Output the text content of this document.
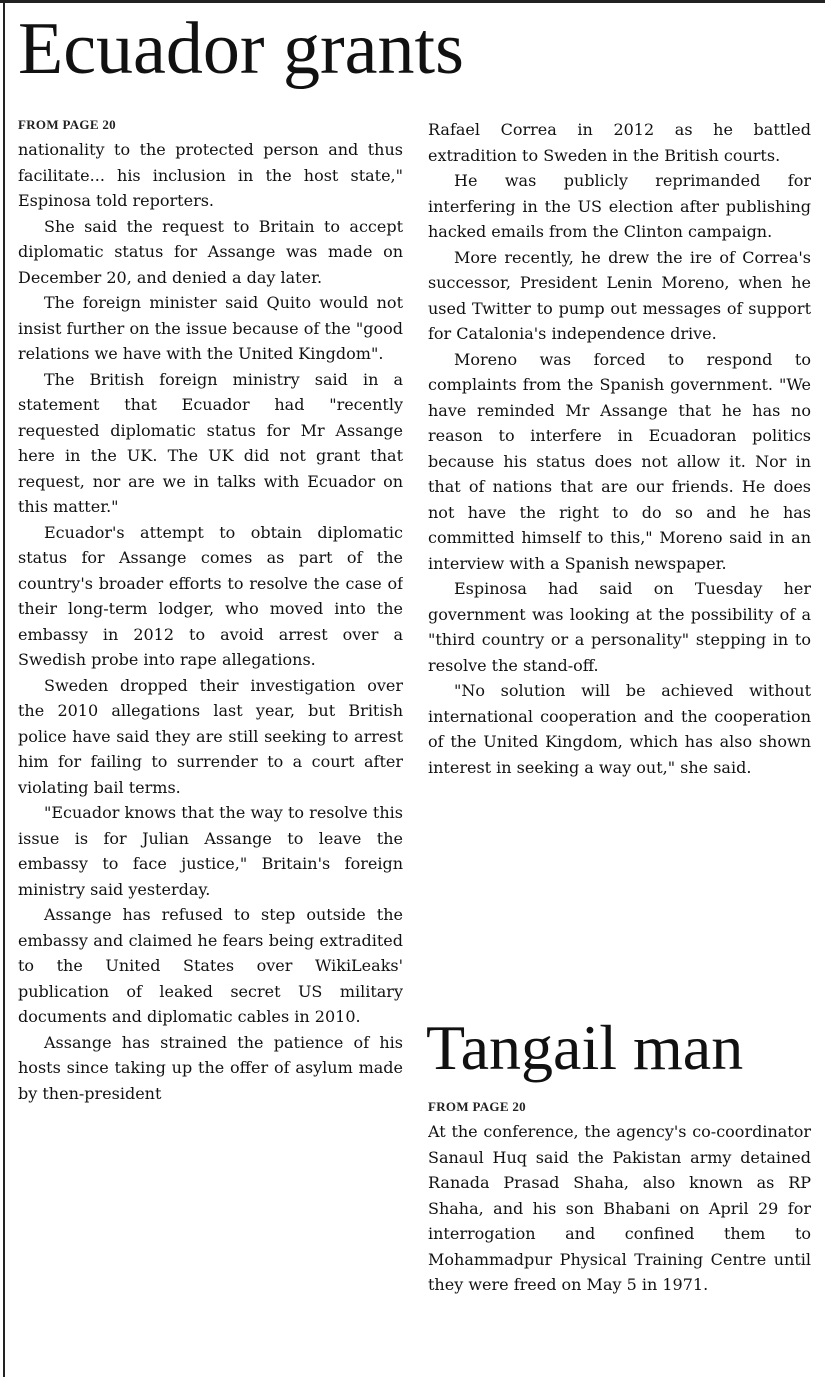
Ecuador grants
FROM PAGE 20

nationality to the protected person and thus facilitate... his inclusion in the host state," Espinosa told reporters.

She said the request to Britain to accept diplomatic status for Assange was made on December 20, and denied a day later.

The foreign minister said Quito would not insist further on the issue because of the "good relations we have with the United Kingdom".

The British foreign ministry said in a statement that Ecuador had "recently requested diplomatic status for Mr Assange here in the UK. The UK did not grant that request, nor are we in talks with Ecuador on this matter."

Ecuador's attempt to obtain diplomatic status for Assange comes as part of the country's broader efforts to resolve the case of their long-term lodger, who moved into the embassy in 2012 to avoid arrest over a Swedish probe into rape allegations.

Sweden dropped their investigation over the 2010 allegations last year, but British police have said they are still seeking to arrest him for failing to surrender to a court after violating bail terms.

"Ecuador knows that the way to resolve this issue is for Julian Assange to leave the embassy to face justice," Britain's foreign ministry said yesterday.

Assange has refused to step outside the embassy and claimed he fears being extradited to the United States over WikiLeaks' publication of leaked secret US military documents and diplomatic cables in 2010.

Assange has strained the patience of his hosts since taking up the offer of asylum made by then-president

Rafael Correa in 2012 as he battled extradition to Sweden in the British courts.

He was publicly reprimanded for interfering in the US election after publishing hacked emails from the Clinton campaign.

More recently, he drew the ire of Correa's successor, President Lenin Moreno, when he used Twitter to pump out messages of support for Catalonia's independence drive.

Moreno was forced to respond to complaints from the Spanish government. "We have reminded Mr Assange that he has no reason to interfere in Ecuadoran politics because his status does not allow it. Nor in that of nations that are our friends. He does not have the right to do so and he has committed himself to this," Moreno said in an interview with a Spanish newspaper.

Espinosa had said on Tuesday her government was looking at the possibility of a "third country or a personality" stepping in to resolve the stand-off.

"No solution will be achieved without international cooperation and the cooperation of the United Kingdom, which has also shown interest in seeking a way out," she said.

Tangail man
FROM PAGE 20

At the conference, the agency's co-coordinator Sanaul Huq said the Pakistan army detained Ranada Prasad Shaha, also known as RP Shaha, and his son Bhabani on April 29 for interrogation and confined them to Mohammadpur Physical Training Centre until they were freed on May 5 in 1971.
